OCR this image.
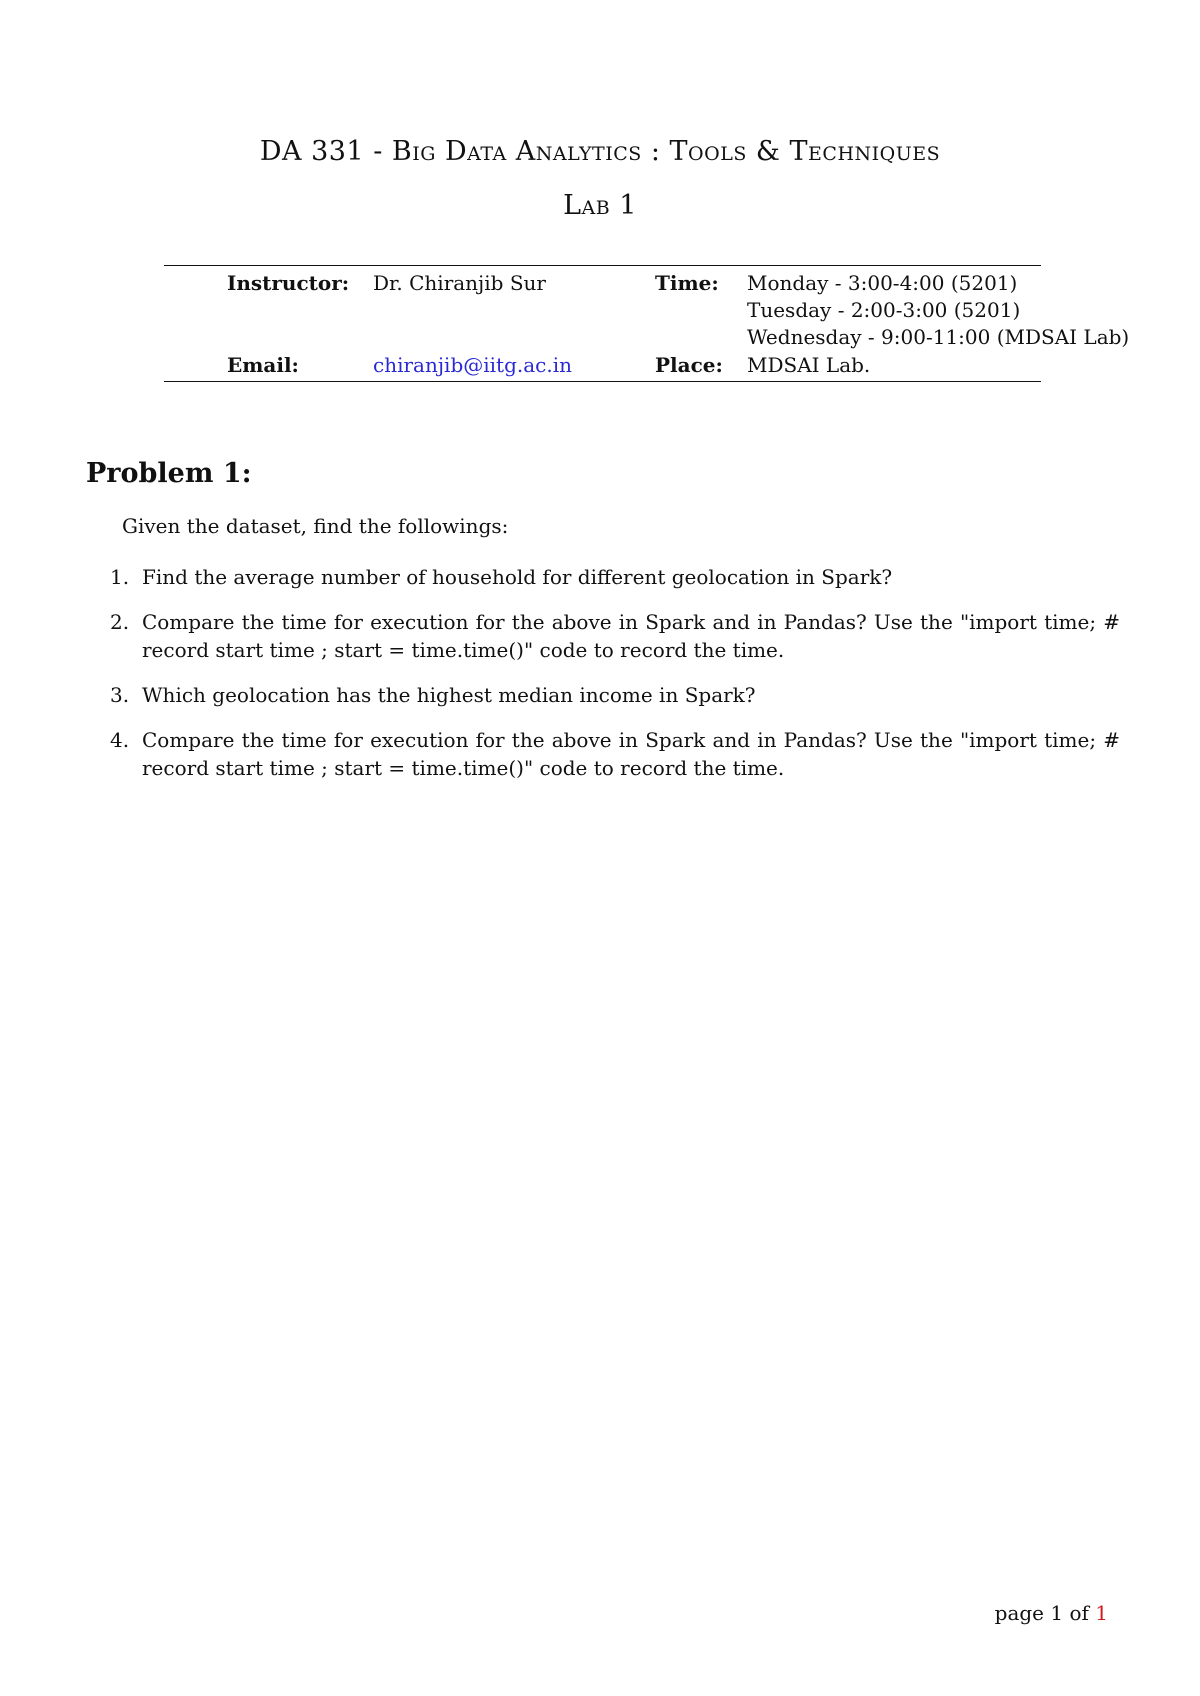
DA 331 - Big Data Analytics : Tools & Techniques
Lab 1
Instructor: Dr. Chiranjib Sur	Time: Monday - 3:00-4:00 (5201)
Tuesday - 2:00-3:00 (5201)
Wednesday - 9:00-11:00 (MDSAI Lab)
Email:	chiranjib@iitg.ac.in	Place: MDSAI Lab.
Problem 1:
Given the dataset, find the followings:
1. Find the average number of household for different geolocation in Spark?
2. Compare the time for execution for the above in Spark and in Pandas? Use the "import time; # record start time ; start = time.time()" code to record the time.
3. Which geolocation has the highest median income in Spark?
4. Compare the time for execution for the above in Spark and in Pandas? Use the "import time; # record start time ; start = time.time()" code to record the time.
page 1 of 1
